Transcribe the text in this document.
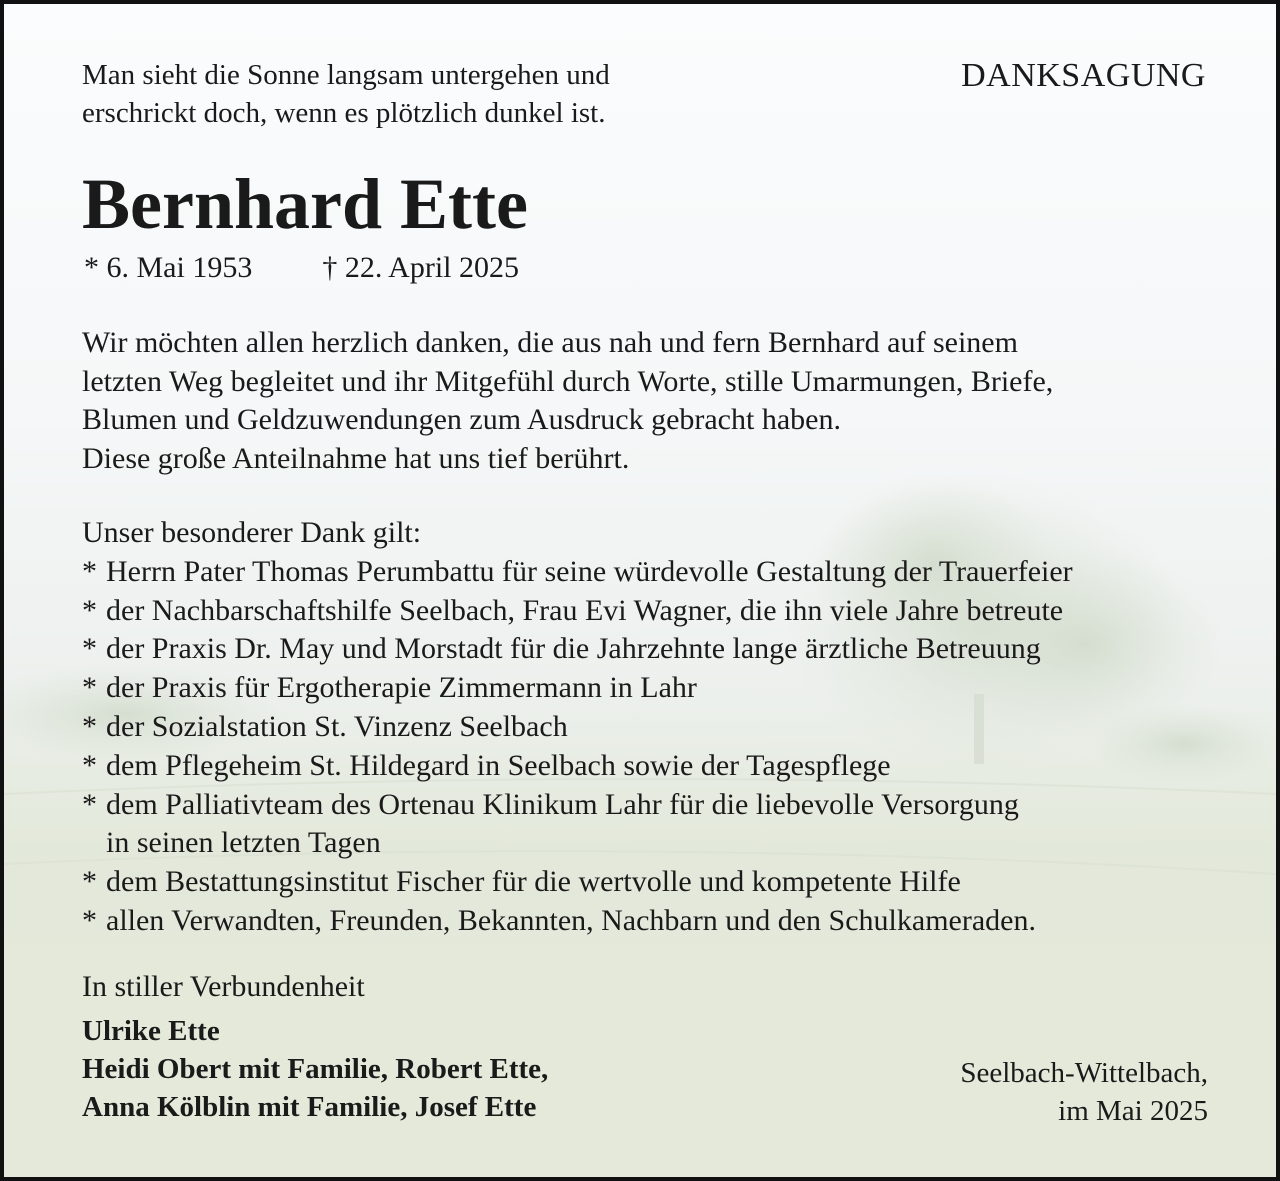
Man sieht die Sonne langsam untergehen und
erschrickt doch, wenn es plötzlich dunkel ist.
DANKSAGUNG
Bernhard Ette
* 6. Mai 1953 † 22. April 2025
Wir möchten allen herzlich danken, die aus nah und fern Bernhard auf seinem
letzten Weg begleitet und ihr Mitgefühl durch Worte, stille Umarmungen, Briefe,
Blumen und Geldzuwendungen zum Ausdruck gebracht haben.
Diese große Anteilnahme hat uns tief berührt.
Unser besonderer Dank gilt:
* Herrn Pater Thomas Perumbattu für seine würdevolle Gestaltung der Trauerfeier
* der Nachbarschaftshilfe Seelbach, Frau Evi Wagner, die ihn viele Jahre betreute
* der Praxis Dr. May und Morstadt für die Jahrzehnte lange ärztliche Betreuung
* der Praxis für Ergotherapie Zimmermann in Lahr
* der Sozialstation St. Vinzenz Seelbach
* dem Pflegeheim St. Hildegard in Seelbach sowie der Tagespflege
* dem Palliativteam des Ortenau Klinikum Lahr für die liebevolle Versorgung
in seinen letzten Tagen
* dem Bestattungsinstitut Fischer für die wertvolle und kompetente Hilfe
* allen Verwandten, Freunden, Bekannten, Nachbarn und den Schulkameraden.
In stiller Verbundenheit
Ulrike Ette
Heidi Obert mit Familie, Robert Ette,
Anna Kölblin mit Familie, Josef Ette
Seelbach-Wittelbach,
im Mai 2025
